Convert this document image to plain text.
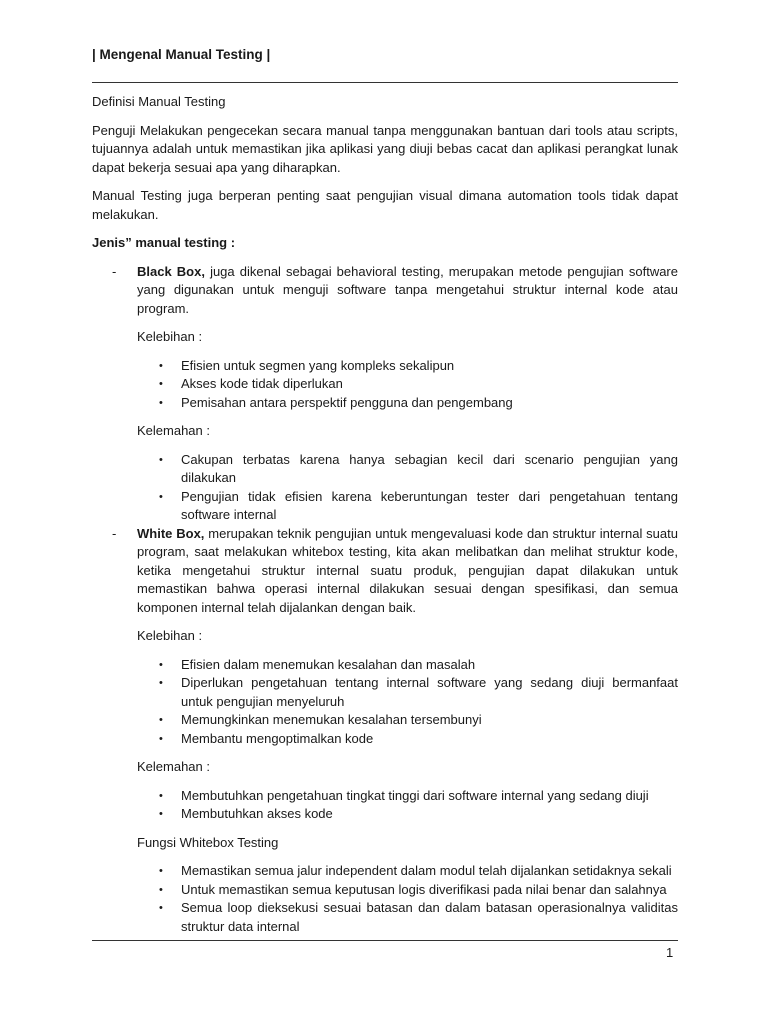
| Mengenal Manual Testing |
Definisi Manual Testing

Penguji Melakukan pengecekan secara manual tanpa menggunakan bantuan dari tools atau scripts, tujuannya adalah untuk memastikan jika aplikasi yang diuji bebas cacat dan aplikasi perangkat lunak dapat bekerja sesuai apa yang diharapkan.

Manual Testing juga berperan penting saat pengujian visual dimana automation tools tidak dapat melakukan.

Jenis” manual testing :
- Black Box, juga dikenal sebagai behavioral testing, merupakan metode pengujian software yang digunakan untuk menguji software tanpa mengetahui struktur internal kode atau program.
Kelebihan :
• Efisien untuk segmen yang kompleks sekalipun
• Akses kode tidak diperlukan
• Pemisahan antara perspektif pengguna dan pengembang
Kelemahan :
• Cakupan terbatas karena hanya sebagian kecil dari scenario pengujian yang dilakukan
• Pengujian tidak efisien karena keberuntungan tester dari pengetahuan tentang software internal
- White Box, merupakan teknik pengujian untuk mengevaluasi kode dan struktur internal suatu program, saat melakukan whitebox testing, kita akan melibatkan dan melihat struktur kode, ketika mengetahui struktur internal suatu produk, pengujian dapat dilakukan untuk memastikan bahwa operasi internal dilakukan sesuai dengan spesifikasi, dan semua komponen internal telah dijalankan dengan baik.
Kelebihan :
• Efisien dalam menemukan kesalahan dan masalah
• Diperlukan pengetahuan tentang internal software yang sedang diuji bermanfaat untuk pengujian menyeluruh
• Memungkinkan menemukan kesalahan tersembunyi
• Membantu mengoptimalkan kode
Kelemahan :
• Membutuhkan pengetahuan tingkat tinggi dari software internal yang sedang diuji
• Membutuhkan akses kode
Fungsi Whitebox Testing
• Memastikan semua jalur independent dalam modul telah dijalankan setidaknya sekali
• Untuk memastikan semua keputusan logis diverifikasi pada nilai benar dan salahnya
• Semua loop dieksekusi sesuai batasan dan dalam batasan operasionalnya validitas struktur data internal
1
